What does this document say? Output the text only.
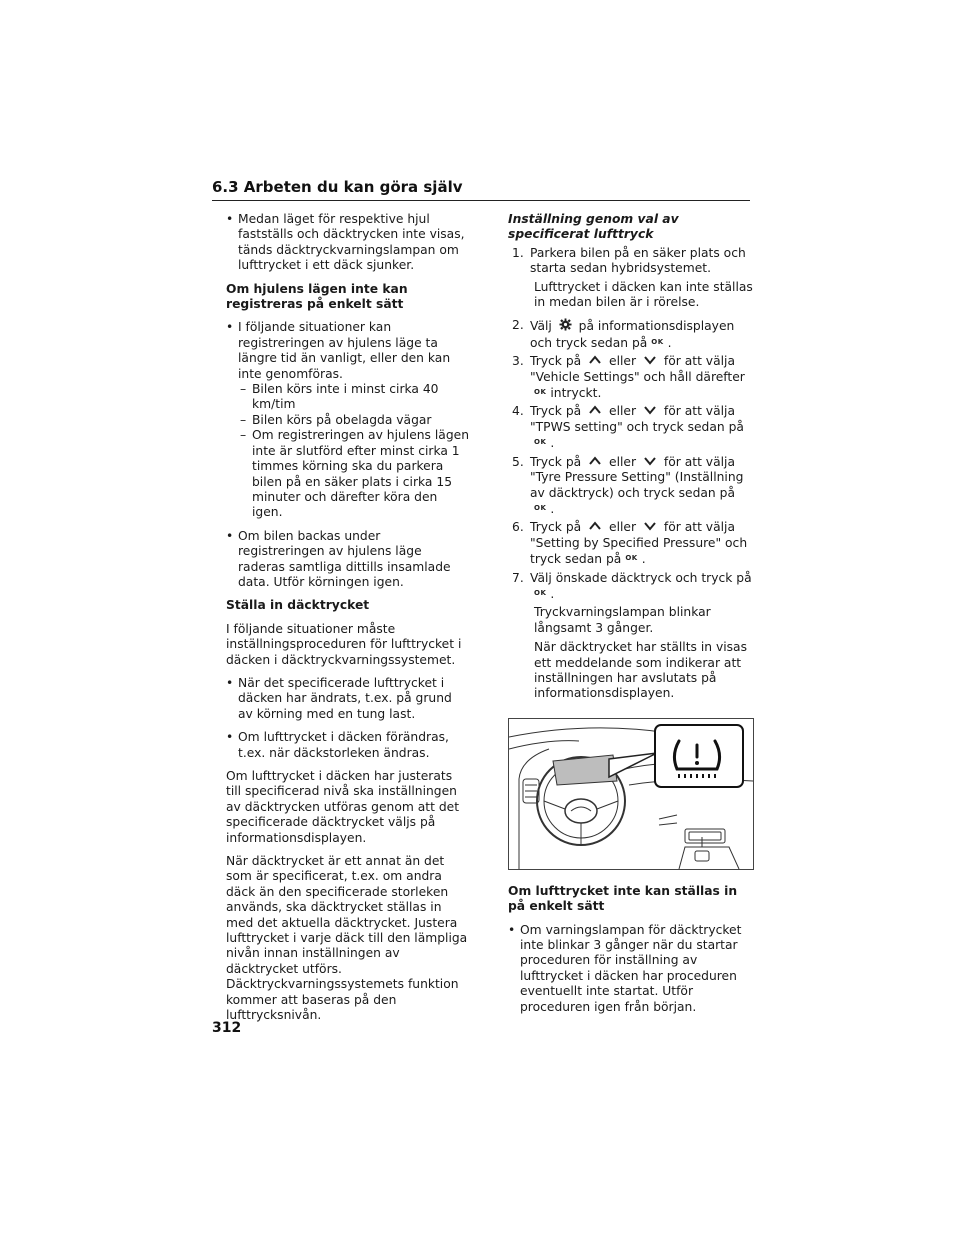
6.3 Arbeten du kan göra själv
• Medan läget för respektive hjul fastställs och däcktrycken inte visas, tänds däcktryckvarningslampan om lufttrycket i ett däck sjunker.
Om hjulens lägen inte kan registreras på enkelt sätt
• I följande situationer kan registreringen av hjulens läge ta längre tid än vanligt, eller den kan inte genomföras.
– Bilen körs inte i minst cirka 40 km/tim
– Bilen körs på obelagda vägar
– Om registreringen av hjulens lägen inte är slutförd efter minst cirka 1 timmes körning ska du parkera bilen på en säker plats i cirka 15 minuter och därefter köra den igen.
• Om bilen backas under registreringen av hjulens läge raderas samtliga dittills insamlade data. Utför körningen igen.
Ställa in däcktrycket

I följande situationer måste inställningsproceduren för lufttrycket i däcken i däcktryckvarningssystemet.

• När det specificerade lufttrycket i däcken har ändrats, t.ex. på grund av körning med en tung last.
• Om lufttrycket i däcken förändras, t.ex. när däckstorleken ändras.

Om lufttrycket i däcken har justerats till specificerad nivå ska inställningen av däcktrycken utföras genom att det specificerade däcktrycket väljs på informationsdisplayen.

När däcktrycket är ett annat än det som är specificerat, t.ex. om andra däck än den specificerade storleken används, ska däcktrycket ställas in med det aktuella däcktrycket. Justera lufttrycket i varje däck till den lämpliga nivån innan inställningen av däcktrycket utförs. Däcktryckvarningssystemets funktion kommer att baseras på den lufttrycksnivån.

Inställning genom val av specificerat lufttryck
1. Parkera bilen på en säker plats och starta sedan hybridsystemet.
Lufttrycket i däcken kan inte ställas in medan bilen är i rörelse.
2. Välj på informationsdisplayen och tryck sedan på OK .
3. Tryck på eller för att välja "Vehicle Settings" och håll därefter
OK intryckt.
4. Tryck på eller för att välja "TPWS setting" och tryck sedan på
OK .
5. Tryck på eller för att välja "Tyre Pressure Setting" (Inställning av däcktryck) och tryck sedan påOK .
6. Tryck på eller för att välja "Setting by Specified Pressure" och tryck sedan på OK .
7. Välj önskade däcktryck och tryck på
OK .
Tryckvarningslampan blinkar långsamt 3 gånger.
När däcktrycket har ställts in visas ett meddelande som indikerar att inställningen har avslutats på informationsdisplayen.
Om lufttrycket inte kan ställas in på enkelt sätt
• Om varningslampan för däcktrycket inte blinkar 3 gånger när du startar proceduren för inställning av lufttrycket i däcken har proceduren eventuellt inte startat. Utför proceduren igen från början.
312
